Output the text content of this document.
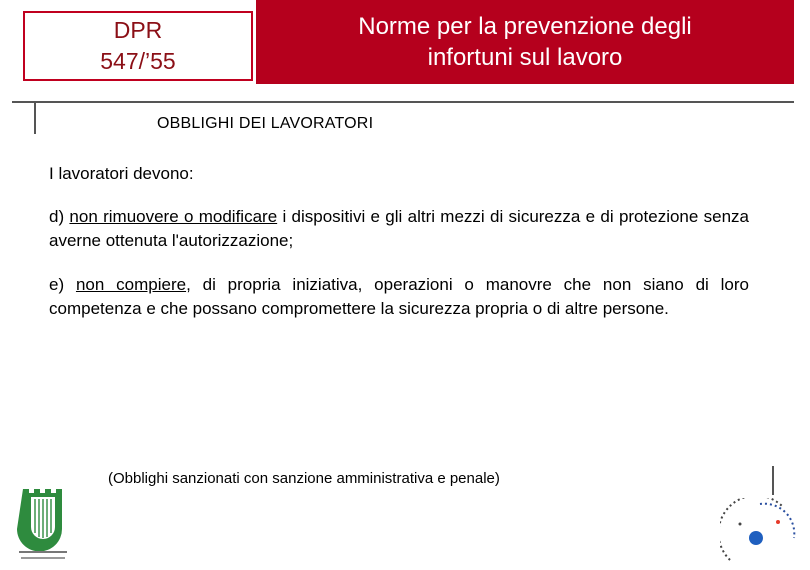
DPR
547/’55
Norme per la prevenzione degli
infortuni sul lavoro
OBBLIGHI DEI LAVORATORI
I lavoratori devono:
d) non rimuovere o modificare i dispositivi e gli altri mezzi di sicurezza e di protezione senza averne ottenuta l'autorizzazione;
e) non compiere, di propria iniziativa, operazioni o manovre che non siano di loro competenza e che possano compromettere la sicurezza propria o di altre persone.
(Obblighi sanzionati con sanzione amministrativa e penale)
